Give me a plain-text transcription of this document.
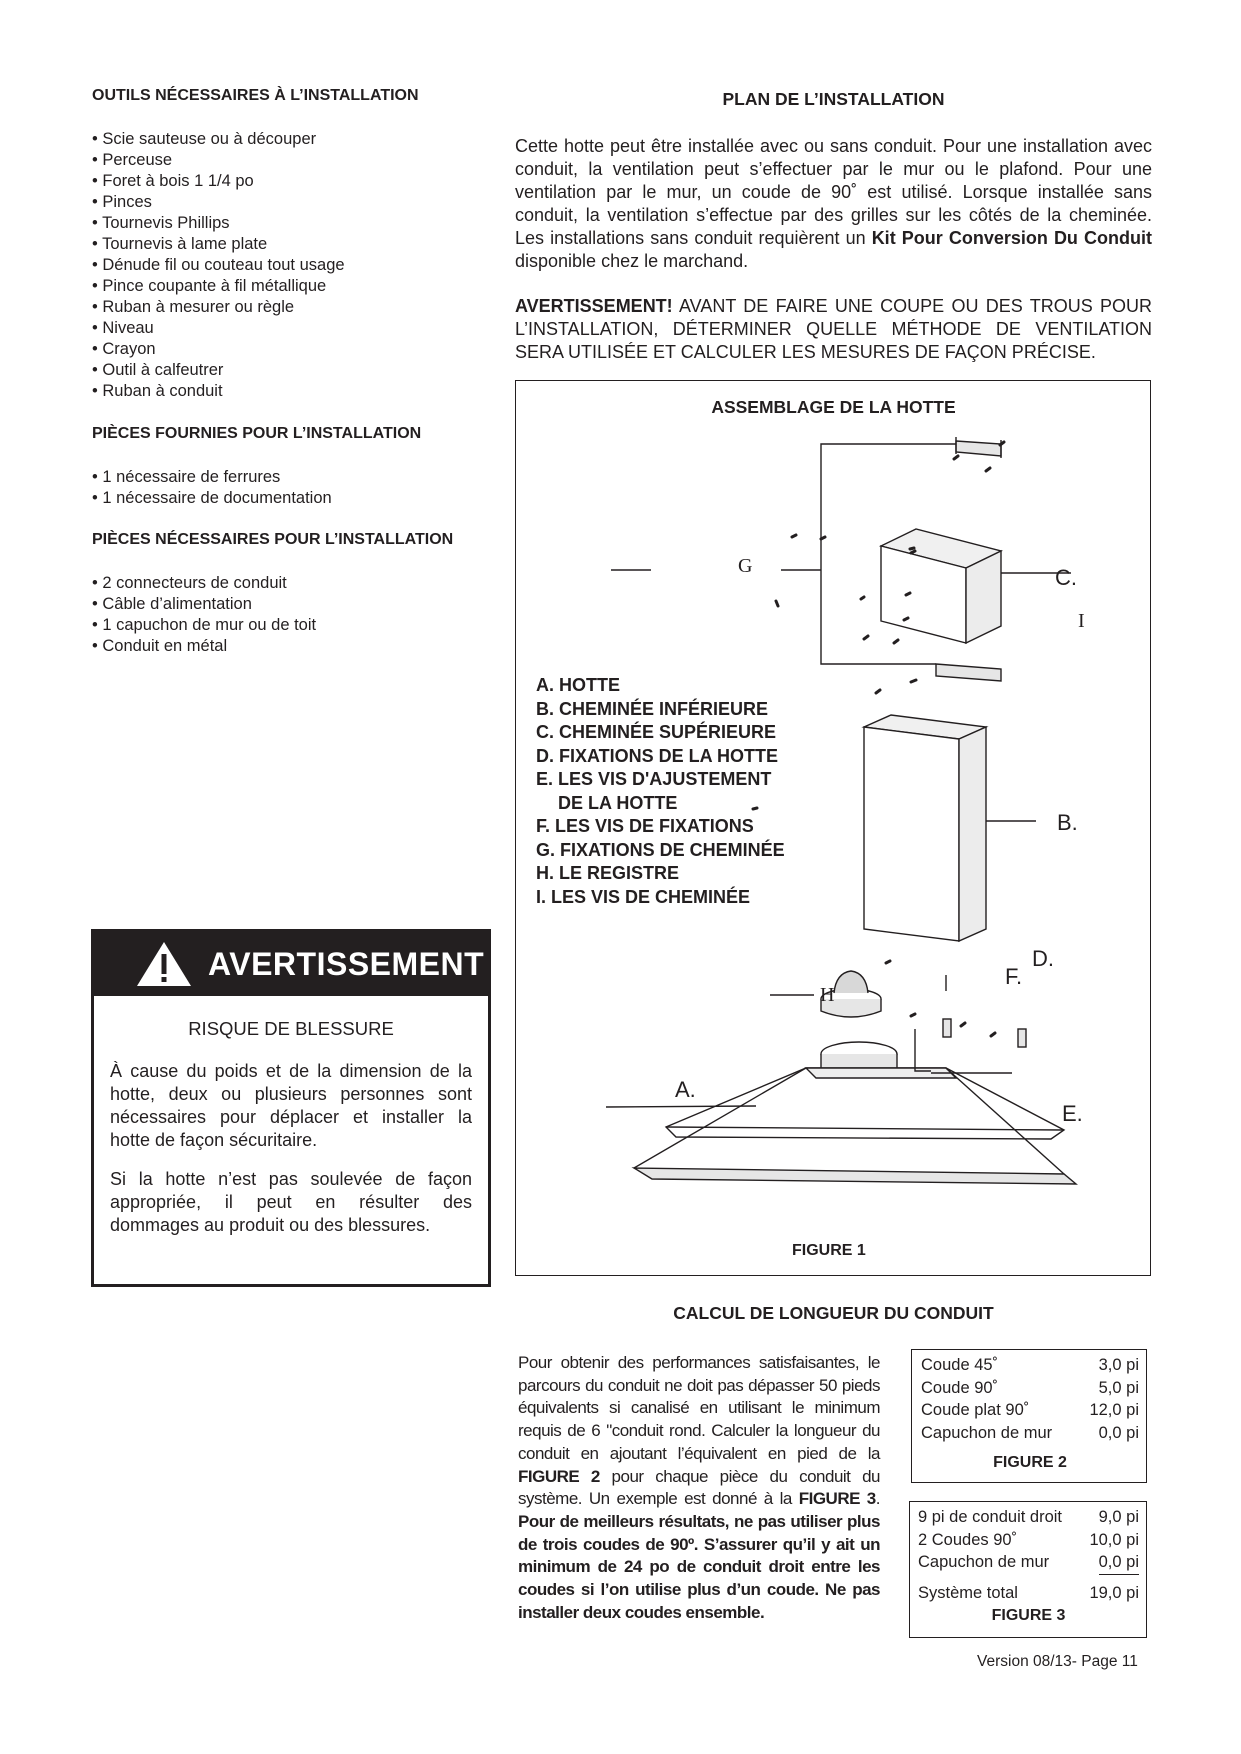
OUTILS NÉCESSAIRES À L’INSTALLATION
• Scie sauteuse ou à découper
• Perceuse
• Foret à bois 1 1/4 po
• Pinces
• Tournevis Phillips
• Tournevis à lame plate
• Dénude fil ou couteau tout usage
• Pince coupante à fil métallique
• Ruban à mesurer ou règle
• Niveau
• Crayon
• Outil à calfeutrer
• Ruban à conduit
PIÈCES FOURNIES POUR L’INSTALLATION
• 1 nécessaire de ferrures
• 1 nécessaire de documentation
PIÈCES NÉCESSAIRES POUR L’INSTALLATION
• 2 connecteurs de conduit
• Câble d’alimentation
• 1 capuchon de mur ou de toit
• Conduit en métal
AVERTISSEMENT
RISQUE DE BLESSURE
À cause du poids et de la dimension de la hotte, deux ou plusieurs personnes sont nécessaires pour déplacer et installer la hotte de façon sécuritaire.
Si la hotte n’est pas soulevée de façon appropriée, il peut en résulter des dommages au produit ou des blessures.
PLAN DE L’INSTALLATION
Cette hotte peut être installée avec ou sans conduit. Pour une installation avec conduit, la ventilation peut s’effectuer par le mur ou le plafond. Pour une ventilation par le mur, un coude de 90˚ est utilisé. Lorsque installée sans conduit, la ventilation s’effectue par des grilles sur les côtés de la cheminée. Les installations sans conduit requièrent un Kit Pour Conversion Du Conduit disponible chez le marchand.
AVERTISSEMENT! AVANT DE FAIRE UNE COUPE OU DES TROUS POUR L’INSTALLATION, DÉTERMINER QUELLE MÉTHODE DE VENTILATION SERA UTILISÉE ET CALCULER LES MESURES DE FAÇON PRÉCISE.
ASSEMBLAGE DE LA HOTTE
C.
B.
D.
F.
E.
A.
G
I
H
A. HOTTE
B. CHEMINÉE INFÉRIEURE
C. CHEMINÉE SUPÉRIEURE
D. FIXATIONS DE LA HOTTE
E. LES VIS D'AJUSTEMENT
DE LA HOTTE
F. LES VIS DE FIXATIONS
G. FIXATIONS DE CHEMINÉE
H. LE REGISTRE
I. LES VIS DE CHEMINÉE
FIGURE 1
CALCUL DE LONGUEUR DU CONDUIT
Pour obtenir des performances satisfaisantes, le parcours du conduit ne doit pas dépasser 50 pieds équivalents si canalisé en utilisant le minimum requis de 6 "conduit rond. Calculer la longueur du conduit en ajoutant l’équivalent en pied de la FIGURE 2 pour chaque pièce du conduit du système. Un exemple est donné à la FIGURE 3. Pour de meilleurs résultats, ne pas utiliser plus de trois coudes de 90º. S’assurer qu’il y ait un minimum de 24 po de conduit droit entre les coudes si l’on utilise plus d’un coude. Ne pas installer deux coudes ensemble.
Coude 45˚	3,0 pi
Coude 90˚	5,0 pi
Coude plat 90˚	12,0 pi
Capuchon de mur	0,0 pi
FIGURE 2
9 pi de conduit droit 9,0 pi
2 Coudes 90˚	10,0 pi
Capuchon de mur	0,0 pi
Système total	19,0 pi
FIGURE 3
Version 08/13- Page 11
